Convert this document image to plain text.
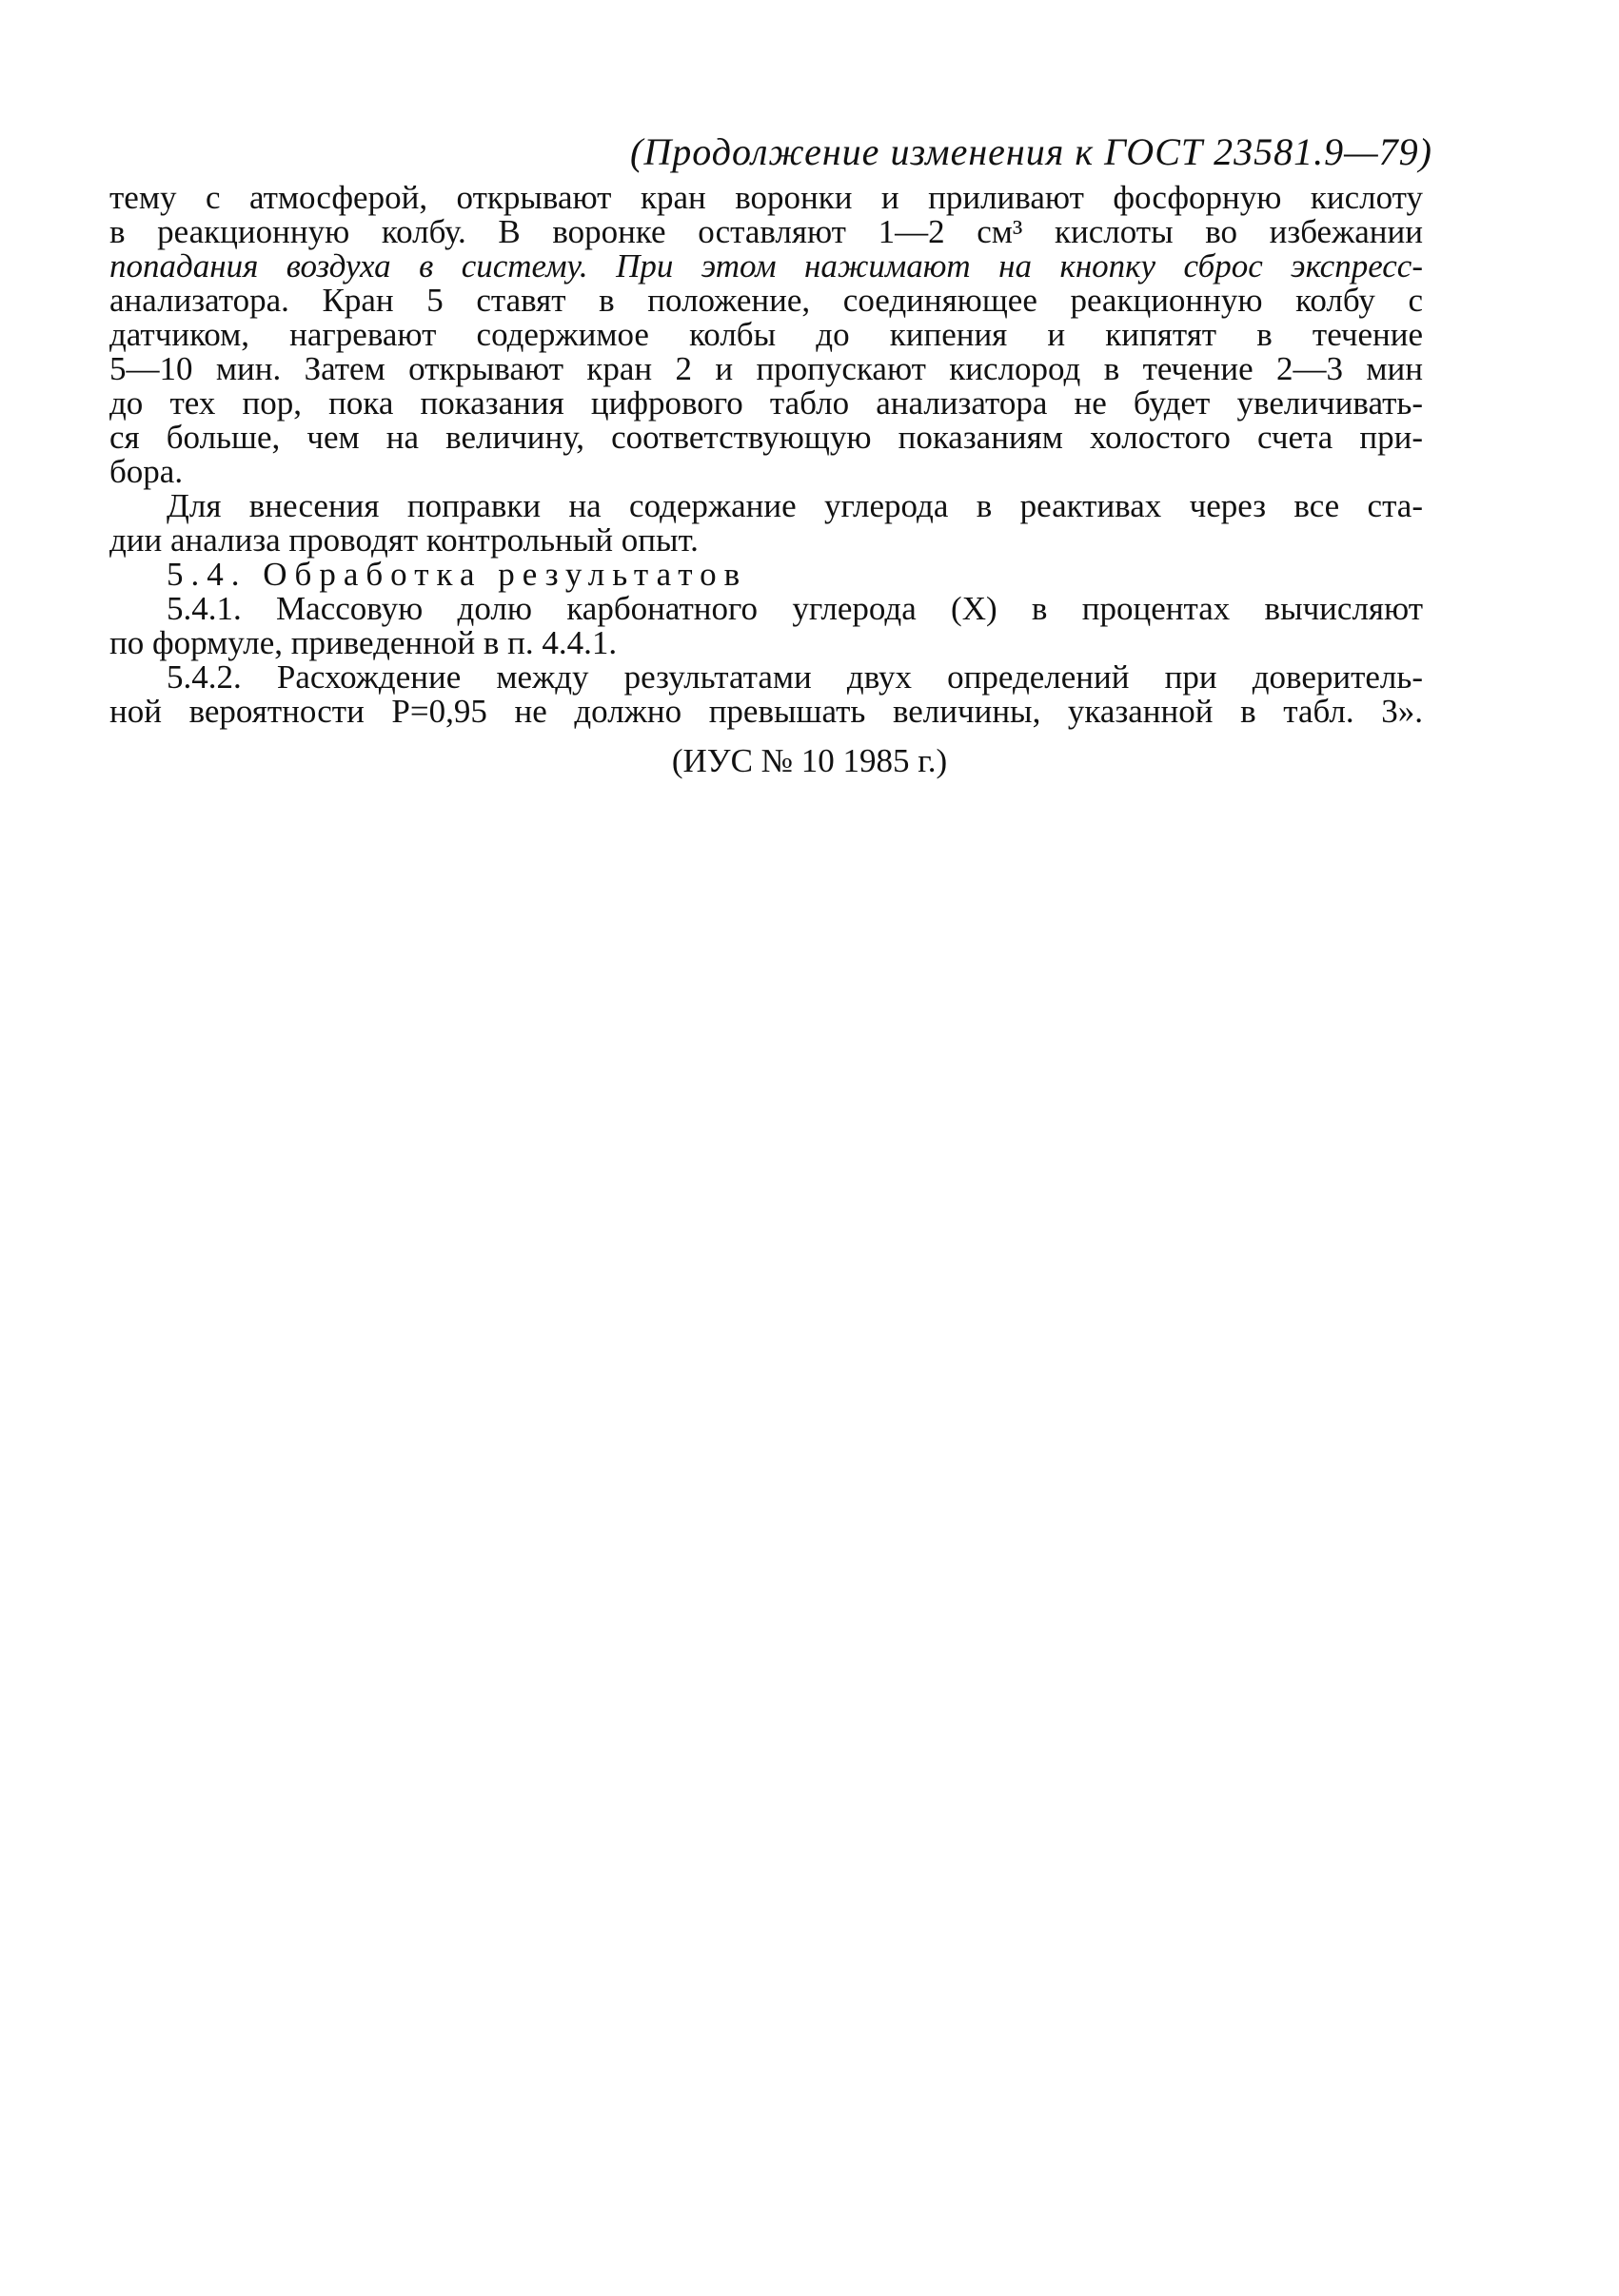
(Продолжение изменения к ГОСТ 23581.9—79)
тему с атмосферой, открывают кран воронки и приливают фосфорную кислоту
в реакционную колбу. В воронке оставляют 1—2 см³ кислоты во избежании
попадания воздуха в систему. При этом нажимают на кнопку сброс экспресс-
анализатора. Кран 5 ставят в положение, соединяющее реакционную колбу с
датчиком, нагревают содержимое колбы до кипения и кипятят в течение
5—10 мин. Затем открывают кран 2 и пропускают кислород в течение 2—3 мин
до тех пор, пока показания цифрового табло анализатора не будет увеличивать-
ся больше, чем на величину, соответствующую показаниям холостого счета при-
бора.
Для внесения поправки на содержание углерода в реактивах через все ста-
дии анализа проводят контрольный опыт.
5.4. Обработка результатов
5.4.1. Массовую долю карбонатного углерода (X) в процентах вычисляют
по формуле, приведенной в п. 4.4.1.
5.4.2. Расхождение между результатами двух определений при доверитель-
ной вероятности P=0,95 не должно превышать величины, указанной в табл. 3».
(ИУС № 10 1985 г.)
